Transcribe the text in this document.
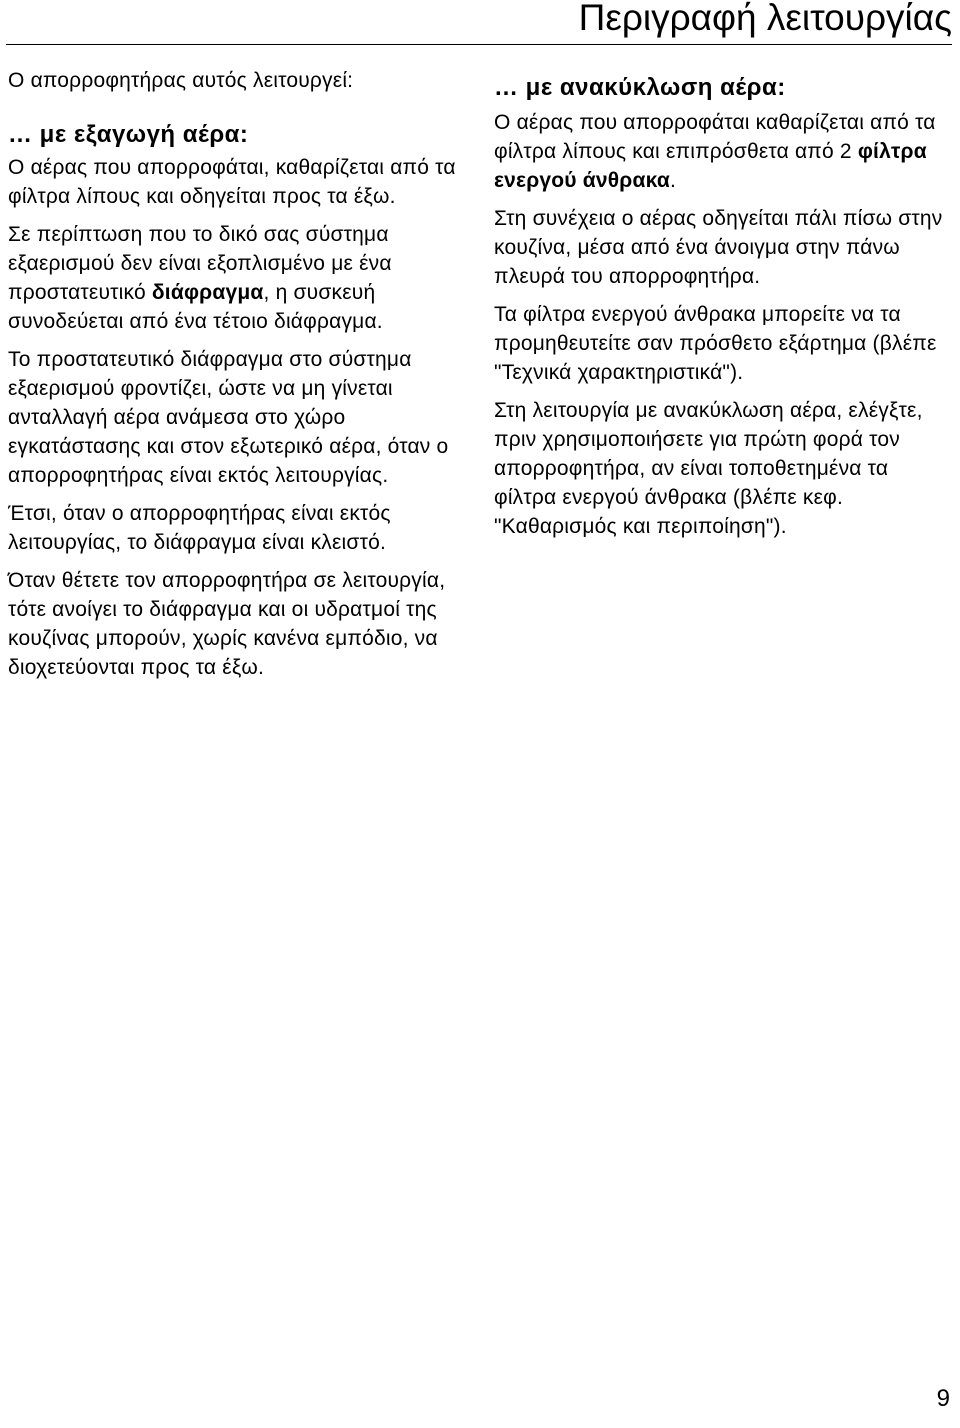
Περιγραφή λειτουργίας

Ο απορροφητήρας αυτός λειτουργεί:

… με εξαγωγή αέρα:

Ο αέρας που απορροφάται, καθαρίζεται από τα φίλτρα λίπους και οδηγείται προς τα έξω.

Σε περίπτωση που το δικό σας σύστημα εξαερισμού δεν είναι εξοπλισμένο με ένα προστατευτικό διάφραγμα, η συσκευή συνοδεύεται από ένα τέτοιο διάφραγμα.

Το προστατευτικό διάφραγμα στο σύστημα εξαερισμού φροντίζει, ώστε να μη γίνεται ανταλλαγή αέρα ανάμεσα στο χώρο εγκατάστασης και στον εξωτερικό αέρα, όταν ο απορροφητήρας είναι εκτός λειτουργίας.

Έτσι, όταν ο απορροφητήρας είναι εκτός λειτουργίας, το διάφραγμα είναι κλειστό.

Όταν θέτετε τον απορροφητήρα σε λειτουργία, τότε ανοίγει το διάφραγμα και οι υδρατμοί της κουζίνας μπορούν, χωρίς κανένα εμπόδιο, να διοχετεύονται προς τα έξω.

… με ανακύκλωση αέρα:

Ο αέρας που απορροφάται καθαρίζεται από τα φίλτρα λίπους και επιπρόσθετα από 2 φίλτρα ενεργού άνθρακα.

Στη συνέχεια ο αέρας οδηγείται πάλι πίσω στην κουζίνα, μέσα από ένα άνοιγμα στην πάνω πλευρά του απορροφητήρα.

Τα φίλτρα ενεργού άνθρακα μπορείτε να τα προμηθευτείτε σαν πρόσθετο εξάρτημα (βλέπε "Τεχνικά χαρακτηριστικά").

Στη λειτουργία με ανακύκλωση αέρα, ελέγξτε, πριν χρησιμοποιήσετε για πρώτη φορά τον απορροφητήρα, αν είναι τοποθετημένα τα φίλτρα ενεργού άνθρακα (βλέπε κεφ. "Καθαρισμός και περιποίηση").

9
